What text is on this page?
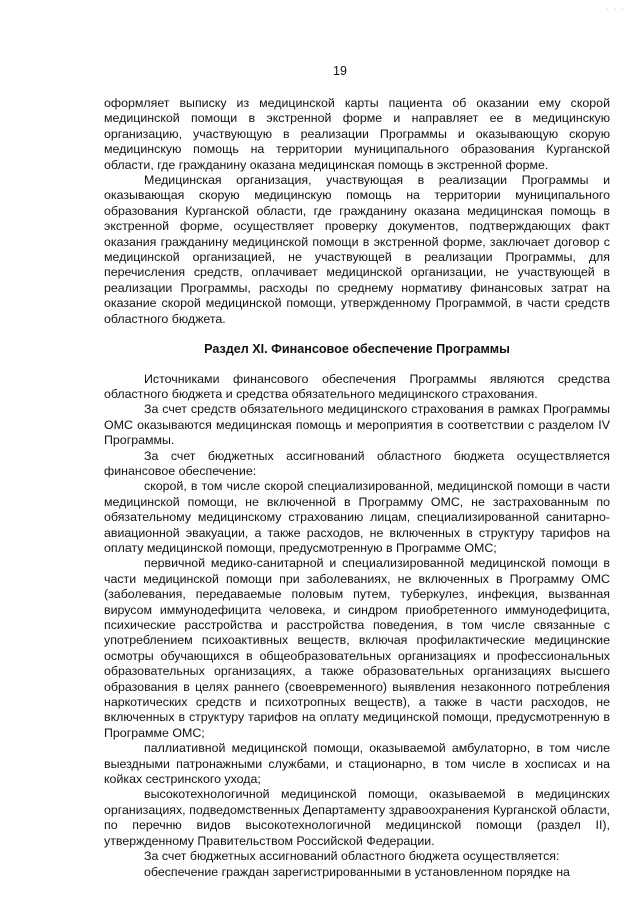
· · ·
19

оформляет выписку из медицинской карты пациента об оказании ему скорой медицинской помощи в экстренной форме и направляет ее в медицинскую организацию, участвующую в реализации Программы и оказывающую скорую медицинскую помощь на территории муниципального образования Курганской области, где гражданину оказана медицинская помощь в экстренной форме.

Медицинская организация, участвующая в реализации Программы и оказывающая скорую медицинскую помощь на территории муниципального образования Курганской области, где гражданину оказана медицинская помощь в экстренной форме, осуществляет проверку документов, подтверждающих факт оказания гражданину медицинской помощи в экстренной форме, заключает договор с медицинской организацией, не участвующей в реализации Программы, для перечисления средств, оплачивает медицинской организации, не участвующей в реализации Программы, расходы по среднему нормативу финансовых затрат на оказание скорой медицинской помощи, утвержденному Программой, в части средств областного бюджета.

Раздел XI. Финансовое обеспечение Программы

Источниками финансового обеспечения Программы являются средства областного бюджета и средства обязательного медицинского страхования.

За счет средств обязательного медицинского страхования в рамках Программы ОМС оказываются медицинская помощь и мероприятия в соответствии с разделом IV Программы.

За счет бюджетных ассигнований областного бюджета осуществляется финансовое обеспечение:

скорой, в том числе скорой специализированной, медицинской помощи в части медицинской помощи, не включенной в Программу ОМС, не застрахованным по обязательному медицинскому страхованию лицам, специализированной санитарно-авиационной эвакуации, а также расходов, не включенных в структуру тарифов на оплату медицинской помощи, предусмотренную в Программе ОМС;

первичной медико-санитарной и специализированной медицинской помощи в части медицинской помощи при заболеваниях, не включенных в Программу ОМС (заболевания, передаваемые половым путем, туберкулез, инфекция, вызванная вирусом иммунодефицита человека, и синдром приобретенного иммунодефицита, психические расстройства и расстройства поведения, в том числе связанные с употреблением психоактивных веществ, включая профилактические медицинские осмотры обучающихся в общеобразовательных организациях и профессиональных образовательных организациях, а также образовательных организациях высшего образования в целях раннего (своевременного) выявления незаконного потребления наркотических средств и психотропных веществ), а также в части расходов, не включенных в структуру тарифов на оплату медицинской помощи, предусмотренную в Программе ОМС;

паллиативной медицинской помощи, оказываемой амбулаторно, в том числе выездными патронажными службами, и стационарно, в том числе в хосписах и на койках сестринского ухода;

высокотехнологичной медицинской помощи, оказываемой в медицинских организациях, подведомственных Департаменту здравоохранения Курганской области, по перечню видов высокотехнологичной медицинской помощи (раздел II), утвержденному Правительством Российской Федерации.

За счет бюджетных ассигнований областного бюджета осуществляется:

обеспечение граждан зарегистрированными в установленном порядке на
